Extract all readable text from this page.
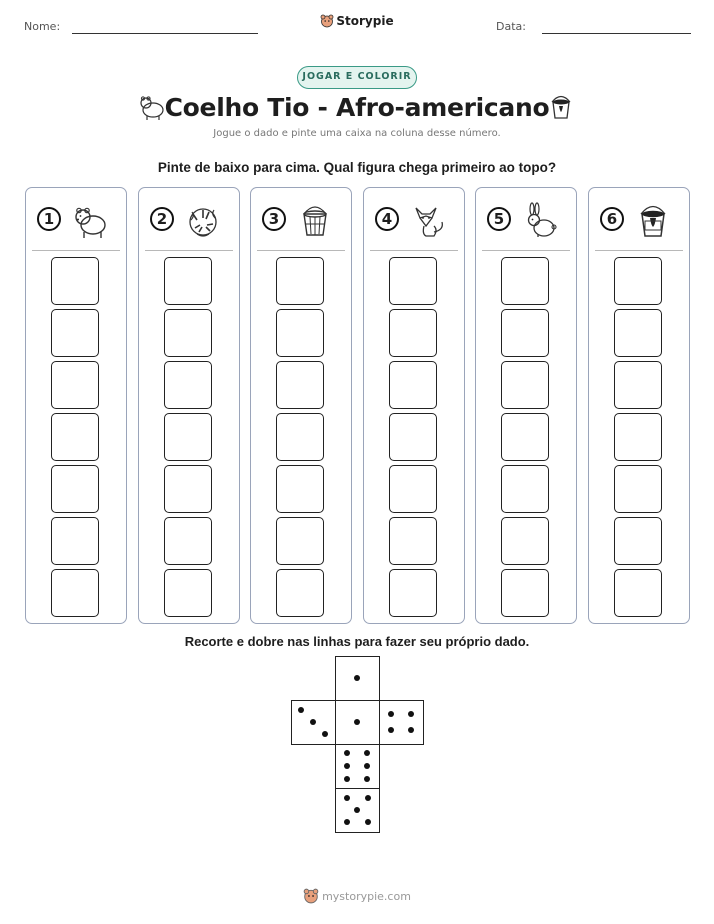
Nome:	Storypie	Data:
JOGAR E COLORIR
Coelho Tio - Afro-americano
Jogue o dado e pinte uma caixa na coluna desse número.
Pinte de baixo para cima. Qual figura chega primeiro ao topo?
1	2	3	4	5	6
Recorte e dobre nas linhas para fazer seu próprio dado.
mystorypie.com
